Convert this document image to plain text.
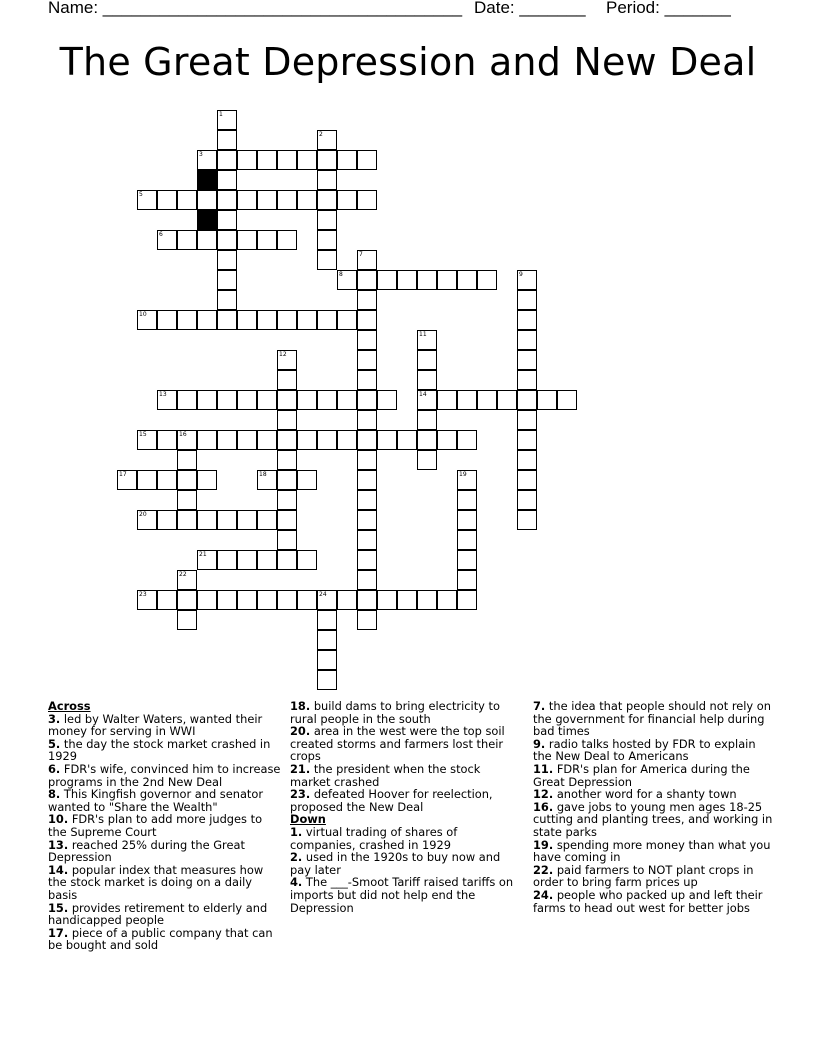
Name: ______________________________________ Date: _______ Period: _______
The Great Depression and New Deal
3
5
6
8
10
13	14
15	16
17	18
20
21
23	24
1
2
7
9
11
12
19
22
Across
3. led by Walter Waters, wanted their money for serving in WWI
5. the day the stock market crashed in 1929
6. FDR's wife, convinced him to increase programs in the 2nd New Deal
8. This Kingfish governor and senator wanted to "Share the Wealth"
10. FDR's plan to add more judges to the Supreme Court
13. reached 25% during the Great Depression
14. popular index that measures how the stock market is doing on a daily basis
15. provides retirement to elderly and handicapped people
17. piece of a public company that can be bought and sold
18. build dams to bring electricity to rural people in the south
20. area in the west were the top soil created storms and farmers lost their crops
21. the president when the stock market crashed
23. defeated Hoover for reelection, proposed the New Deal
Down
1. virtual trading of shares of companies, crashed in 1929
2. used in the 1920s to buy now and pay later
4. The ___-Smoot Tariff raised tariffs on imports but did not help end the Depression
7. the idea that people should not rely on the government for financial help during bad times
9. radio talks hosted by FDR to explain the New Deal to Americans
11. FDR's plan for America during the Great Depression
12. another word for a shanty town
16. gave jobs to young men ages 18-25 cutting and planting trees, and working in state parks
19. spending more money than what you have coming in
22. paid farmers to NOT plant crops in order to bring farm prices up
24. people who packed up and left their farms to head out west for better jobs
